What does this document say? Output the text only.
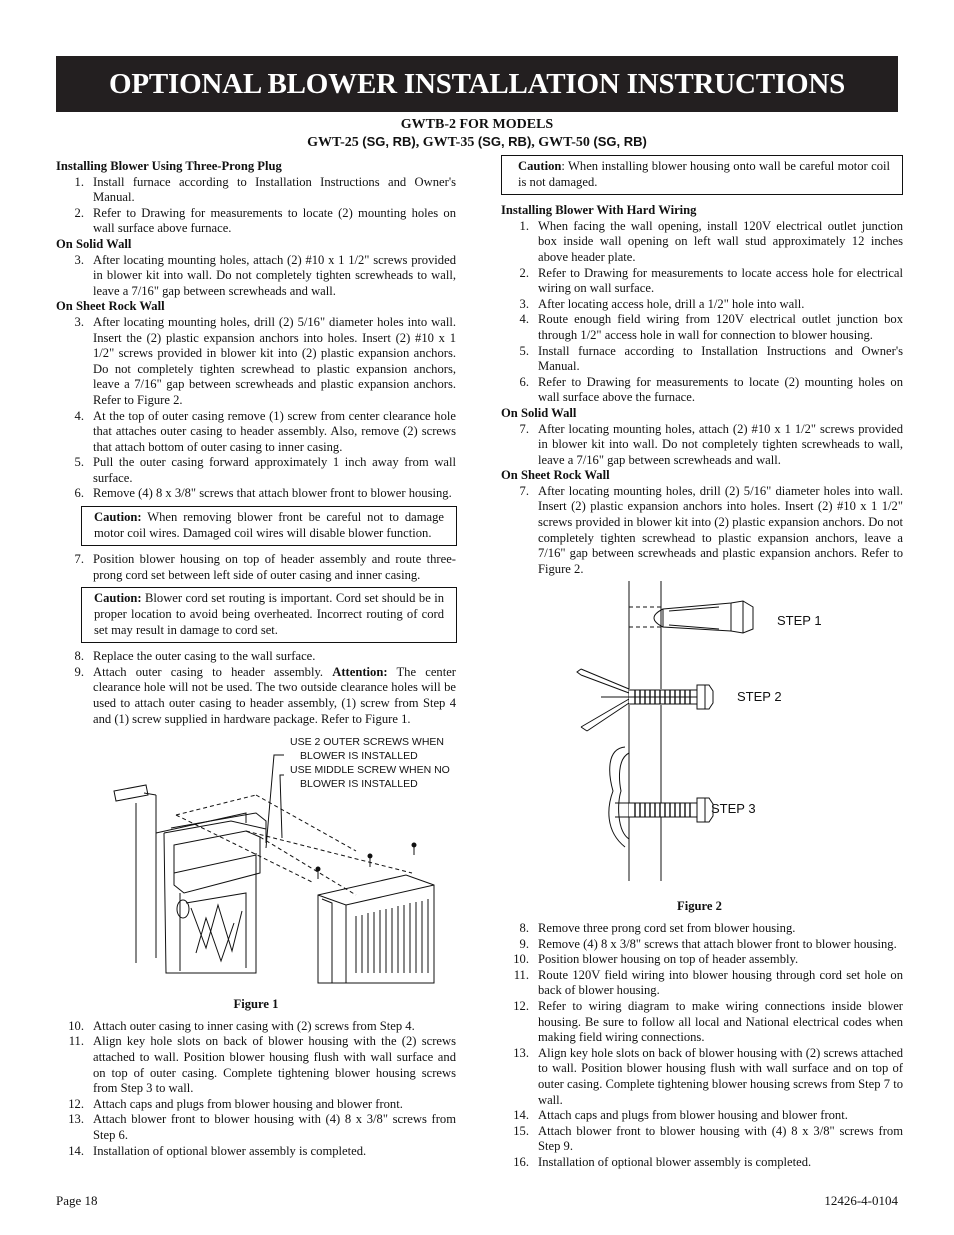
OPTIONAL BLOWER INSTALLATION INSTRUCTIONS
GWTB-2 FOR MODELS
GWT-25 (SG, RB), GWT-35 (SG, RB), GWT-50 (SG, RB)
Installing Blower Using Three-Prong Plug
1. Install furnace according to Installation Instructions and Owner's Manual.
2. Refer to Drawing for measurements to locate (2) mounting holes on wall surface above furnace.
On Solid Wall
3. After locating mounting holes, attach (2) #10 x 1 1/2" screws provided in blower kit into wall. Do not completely tighten screwheads to wall, leave a 7/16" gap between screwheads and wall.
On Sheet Rock Wall
3. After locating mounting holes, drill (2) 5/16" diameter holes into wall. Insert the (2) plastic expansion anchors into holes. Insert (2) #10 x 1 1/2" screws provided in blower kit into (2) plastic expansion anchors. Do not completely tighten screwhead to plastic expansion anchors, leave a 7/16" gap between screwheads and plastic expansion anchors. Refer to Figure 2.
4. At the top of outer casing remove (1) screw from center clearance hole that attaches outer casing to header assembly. Also, remove (2) screws that attach bottom of outer casing to inner casing.
5. Pull the outer casing forward approximately 1 inch away from wall surface.
6. Remove (4) 8 x 3/8" screws that attach blower front to blower housing.
Caution: When removing blower front be careful not to damage motor coil wires. Damaged coil wires will disable blower function.
7. Position blower housing on top of header assembly and route three-prong cord set between left side of outer casing and inner casing.
Caution: Blower cord set routing is important. Cord set should be in proper location to avoid being overheated. Incorrect routing of cord set may result in damage to cord set.
8. Replace the outer casing to the wall surface.
9. Attach outer casing to header assembly. Attention: The center clearance hole will not be used. The two outside clearance holes will be used to attach outer casing to header assembly, (1) screw from Step 4 and (1) screw supplied in hardware package. Refer to Figure 1.
USE 2 OUTER SCREWS WHEN
BLOWER IS INSTALLED
USE MIDDLE SCREW WHEN NO
BLOWER IS INSTALLED
Figure 1
10. Attach outer casing to inner casing with (2) screws from Step 4.
11. Align key hole slots on back of blower housing with the (2) screws attached to wall. Position blower housing flush with wall surface and on top of outer casing. Complete tightening blower housing screws from Step 3 to wall.
12. Attach caps and plugs from blower housing and blower front.
13. Attach blower front to blower housing with (4) 8 x 3/8" screws from Step 6.
14. Installation of optional blower assembly is completed.
Caution: When installing blower housing onto wall be careful motor coil is not damaged.
Installing Blower With Hard Wiring
1. When facing the wall opening, install 120V electrical outlet junction box inside wall opening on left wall stud approximately 12 inches above header plate.
2. Refer to Drawing for measurements to locate access hole for electrical wiring on wall surface.
3. After locating access hole, drill a 1/2" hole into wall.
4. Route enough field wiring from 120V electrical outlet junction box through 1/2" access hole in wall for connection to blower housing.
5. Install furnace according to Installation Instructions and Owner's Manual.
6. Refer to Drawing for measurements to locate (2) mounting holes on wall surface above the furnace.
On Solid Wall
7. After locating mounting holes, attach (2) #10 x 1 1/2" screws provided in blower kit into wall. Do not completely tighten screwheads to wall, leave a 7/16" gap between screwheads and wall.
On Sheet Rock Wall
7. After locating mounting holes, drill (2) 5/16" diameter holes into wall. Insert (2) plastic expansion anchors into holes. Insert (2) #10 x 1 1/2" screws provided in blower kit into (2) plastic expansion anchors. Do not completely tighten screwhead to plastic expansion anchors, leave a 7/16" gap between screwheads and plastic expansion anchors. Refer to Figure 2.
STEP 1
STEP 2
STEP 3
Figure 2
8. Remove three prong cord set from blower housing.
9. Remove (4) 8 x 3/8" screws that attach blower front to blower housing.
10. Position blower housing on top of header assembly.
11. Route 120V field wiring into blower housing through cord set hole on back of blower housing.
12. Refer to wiring diagram to make wiring connections inside blower housing. Be sure to follow all local and National electrical codes when making field wiring connections.
13. Align key hole slots on back of blower housing with (2) screws attached to wall. Position blower housing flush with wall surface and on top of outer casing. Complete tightening blower housing screws from Step 7 to wall.
14. Attach caps and plugs from blower housing and blower front.
15. Attach blower front to blower housing with (4) 8 x 3/8" screws from Step 9.
16. Installation of optional blower assembly is completed.
Page 18	12426-4-0104
